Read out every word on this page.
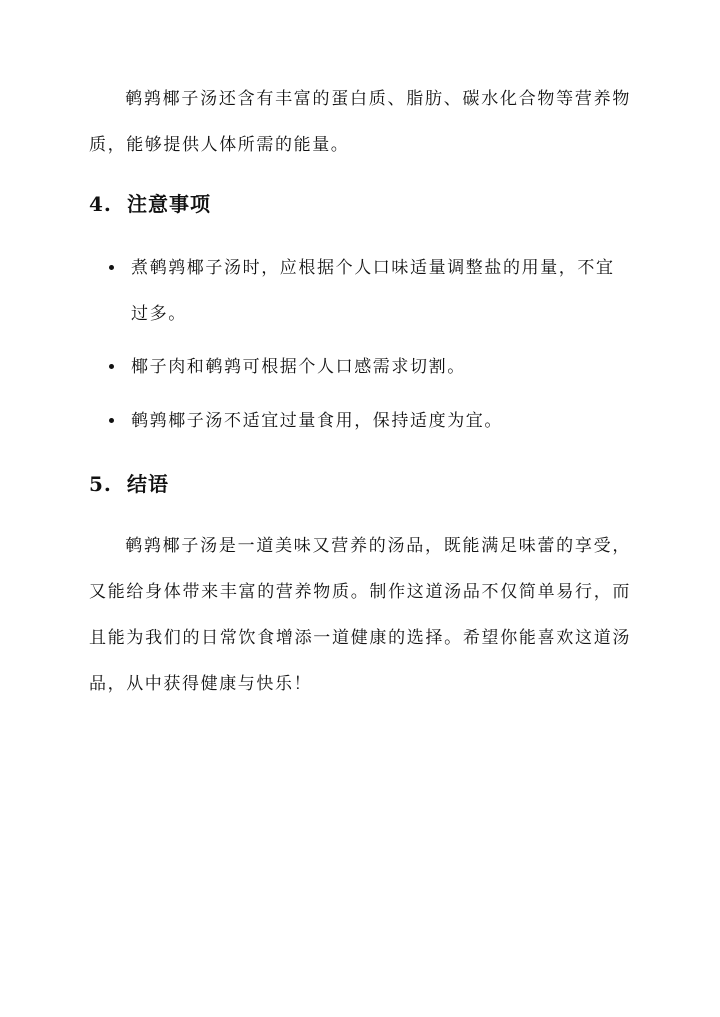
鹌鹑椰子汤还含有丰富的蛋白质、脂肪、碳水化合物等营养物质，能够提供人体所需的能量。

4. 注意事项
煮鹌鹑椰子汤时，应根据个人口味适量调整盐的用量，不宜过多。
椰子肉和鹌鹑可根据个人口感需求切割。
鹌鹑椰子汤不适宜过量食用，保持适度为宜。
5. 结语

鹌鹑椰子汤是一道美味又营养的汤品，既能满足味蕾的享受，又能给身体带来丰富的营养物质。制作这道汤品不仅简单易行，而且能为我们的日常饮食增添一道健康的选择。希望你能喜欢这道汤品，从中获得健康与快乐！
